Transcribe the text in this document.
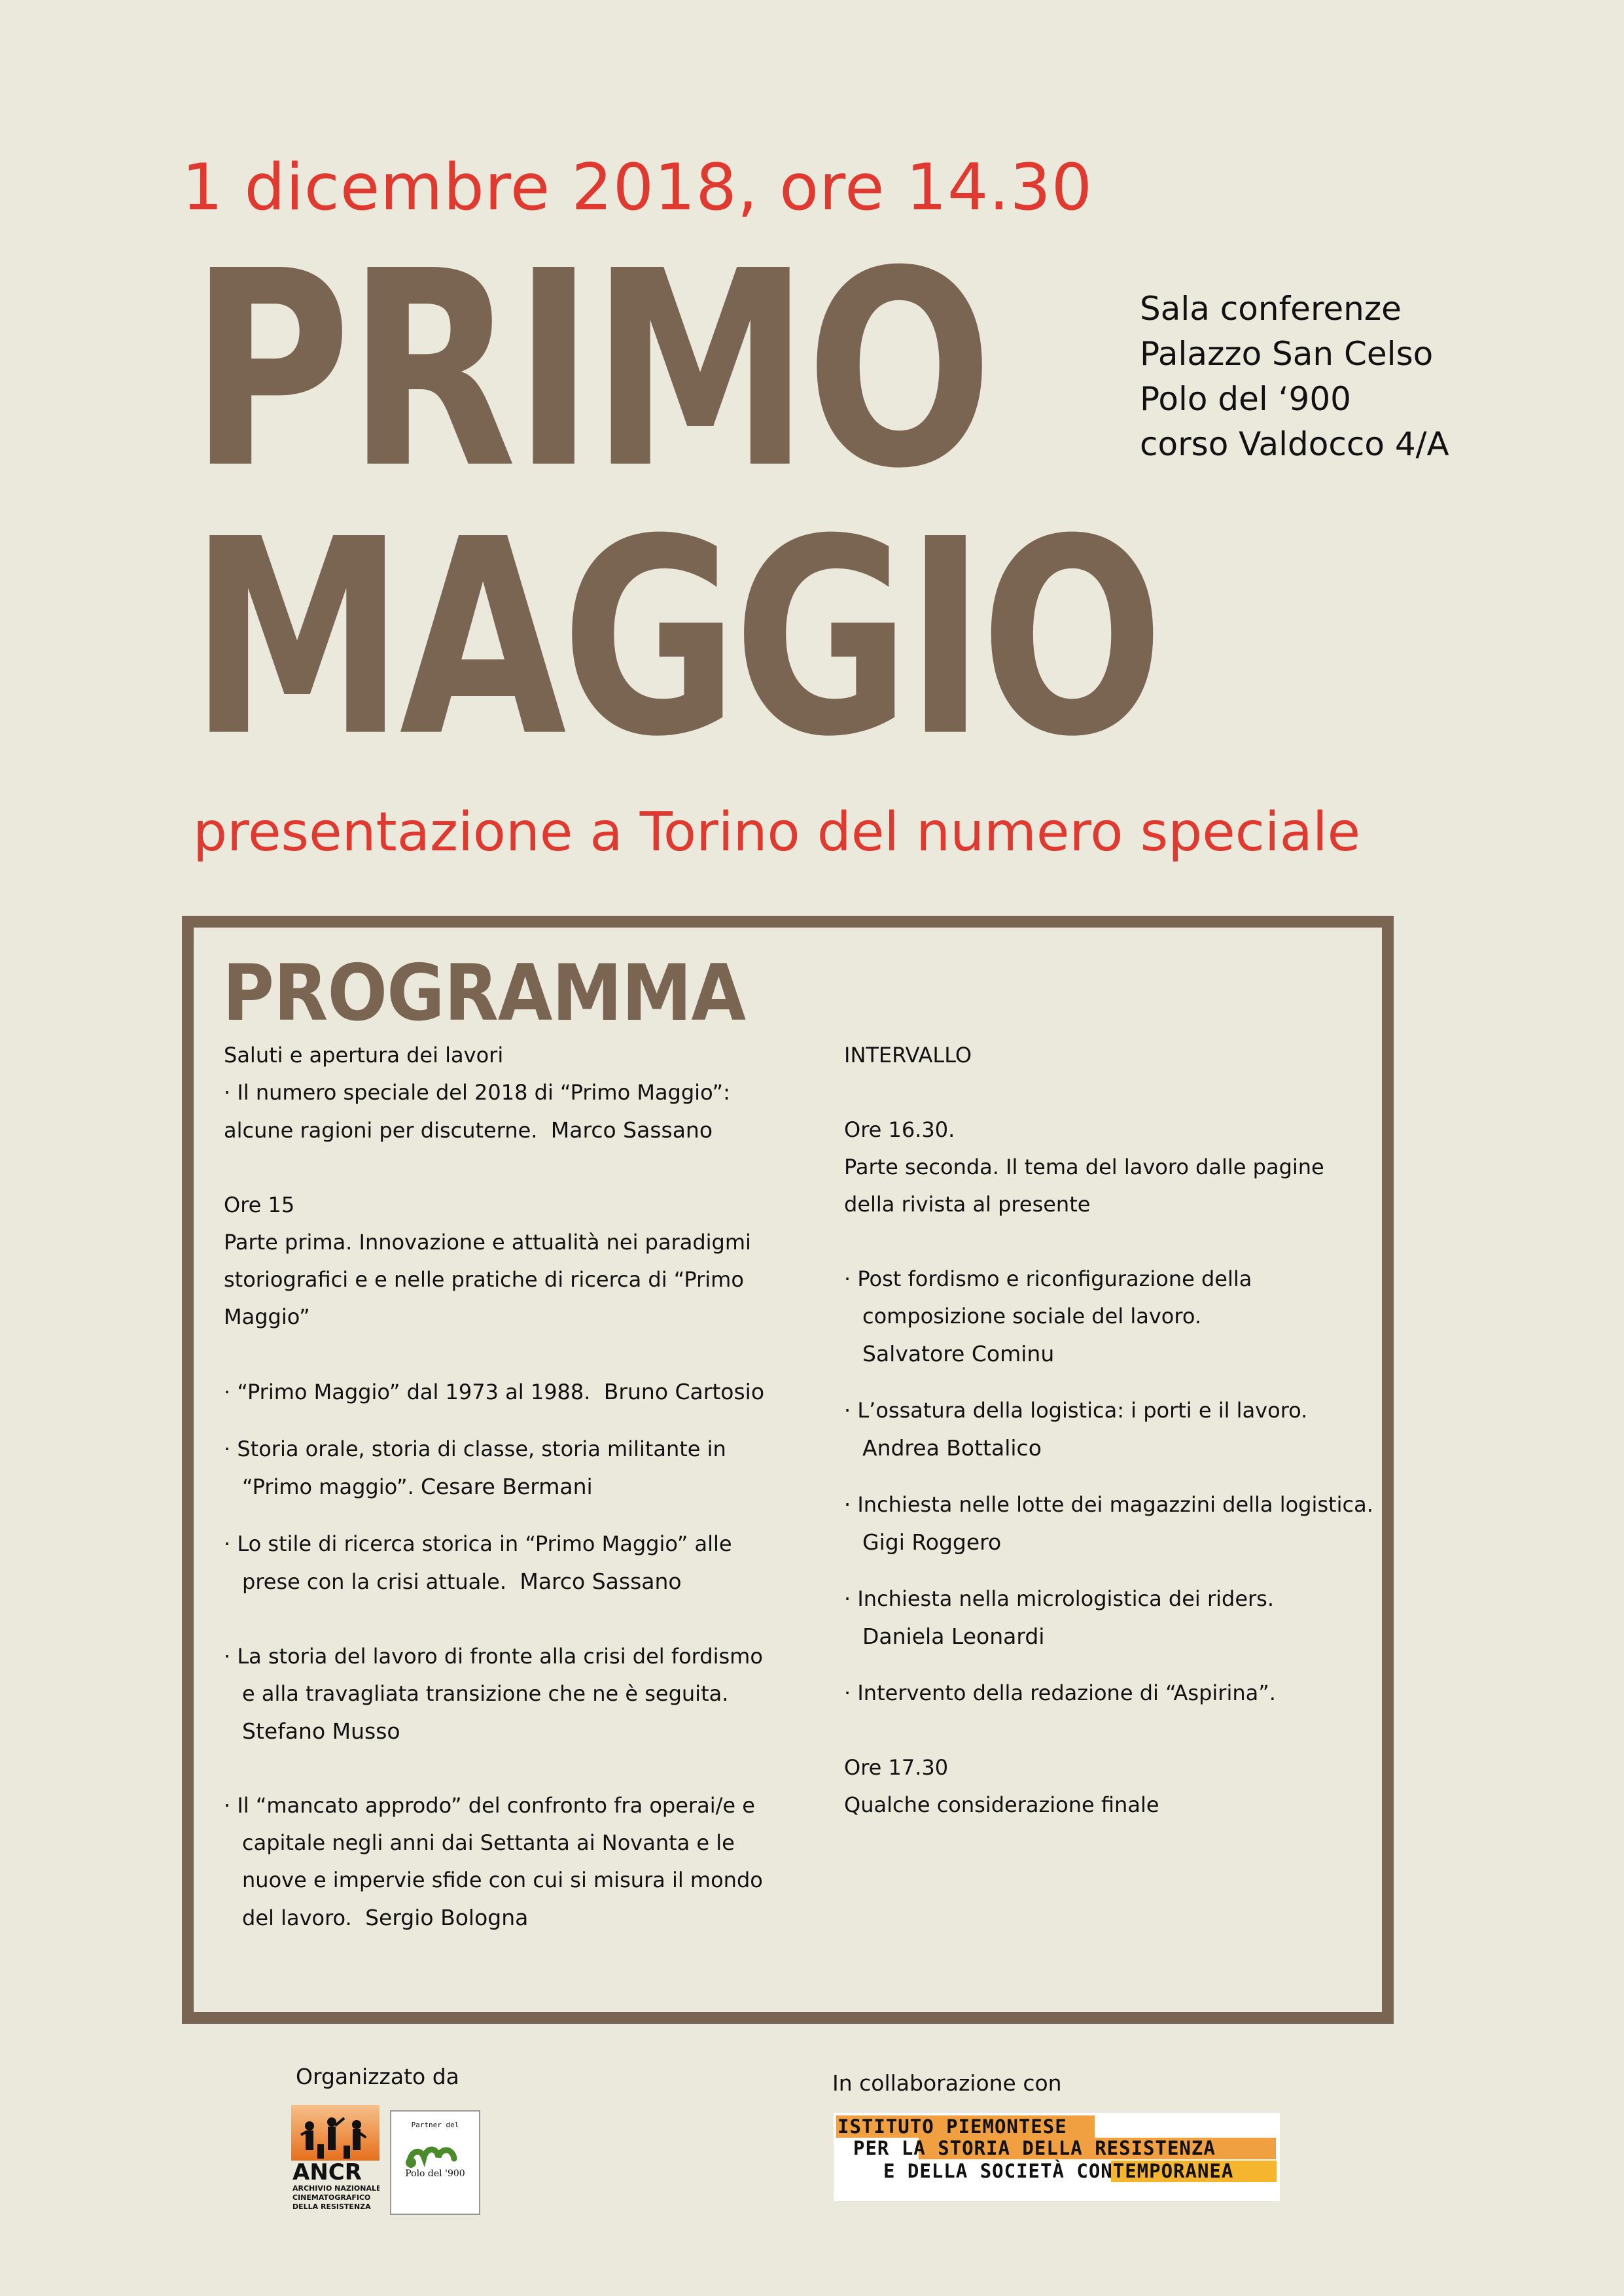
1 dicembre 2018, ore 14.30
PRIMO
MAGGIO
Sala conferenze
Palazzo San Celso
Polo del ‘900
corso Valdocco 4/A
presentazione a Torino del numero speciale
PROGRAMMA
Saluti e apertura dei lavori
· Il numero speciale del 2018 di “Primo Maggio”:
alcune ragioni per discuterne. Marco Sassano
Ore 15
Parte prima. Innovazione e attualità nei paradigmi
storiografici e e nelle pratiche di ricerca di “Primo
Maggio”
· “Primo Maggio” dal 1973 al 1988. Bruno Cartosio
· Storia orale, storia di classe, storia militante in
“Primo maggio”. Cesare Bermani
· Lo stile di ricerca storica in “Primo Maggio” alle
prese con la crisi attuale. Marco Sassano
· La storia del lavoro di fronte alla crisi del fordismo
e alla travagliata transizione che ne è seguita.
Stefano Musso
· Il “mancato approdo” del confronto fra operai/e e
capitale negli anni dai Settanta ai Novanta e le
nuove e impervie sfide con cui si misura il mondo
del lavoro. Sergio Bologna
INTERVALLO
Ore 16.30.
Parte seconda. Il tema del lavoro dalle pagine
della rivista al presente
· Post fordismo e riconfigurazione della
composizione sociale del lavoro.
Salvatore Cominu
· L’ossatura della logistica: i porti e il lavoro.
Andrea Bottalico
· Inchiesta nelle lotte dei magazzini della logistica.
Gigi Roggero
· Inchiesta nella micrologistica dei riders.
Daniela Leonardi
· Intervento della redazione di “Aspirina”.
Ore 17.30
Qualche considerazione finale
Organizzato da	In collaborazione con
ANCR
ARCHIVIO NAZIONALE
CINEMATOGRAFICO
DELLA RESISTENZA
Partner del
Polo del '900
ISTITUTO PIEMONTESE
PER LA STORIA DELLA RESISTENZA
E DELLA SOCIETÀ CONTEMPORANEA
